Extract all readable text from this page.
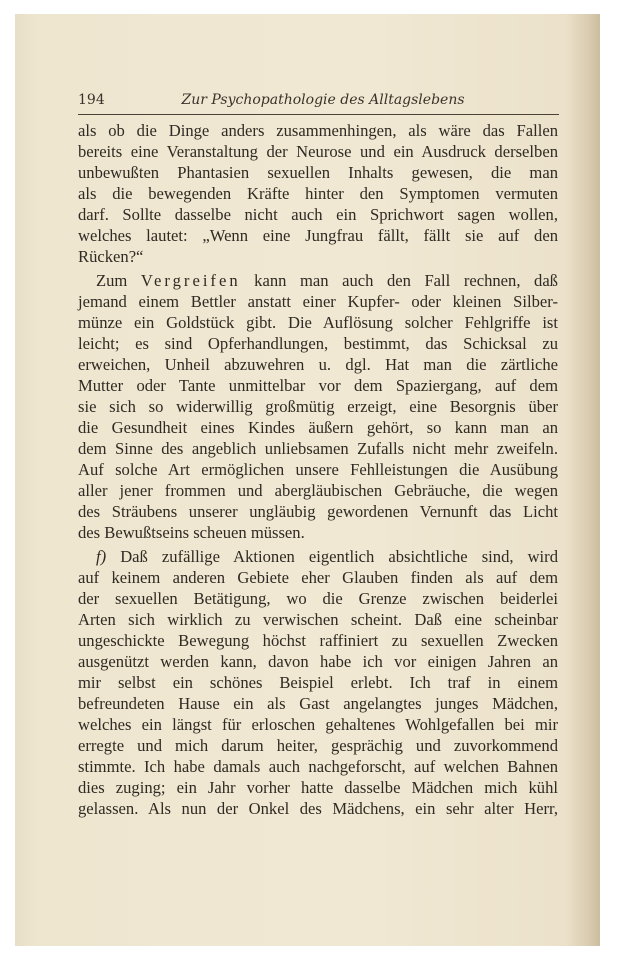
194	Zur Psychopathologie des Alltagslebens
als ob die Dinge anders zusammenhingen, als wäre das Fallen
bereits eine Veranstaltung der Neurose und ein Ausdruck derselben
unbewußten Phantasien sexuellen Inhalts gewesen, die man
als die bewegenden Kräfte hinter den Symptomen vermuten
darf. Sollte dasselbe nicht auch ein Sprichwort sagen wollen,
welches lautet: „Wenn eine Jungfrau fällt, fällt sie auf den
Rücken?“
Zum Vergreifen kann man auch den Fall rechnen, daß
jemand einem Bettler anstatt einer Kupfer- oder kleinen Silber-
münze ein Goldstück gibt. Die Auflösung solcher Fehlgriffe ist
leicht; es sind Opferhandlungen, bestimmt, das Schicksal zu
erweichen, Unheil abzuwehren u. dgl. Hat man die zärtliche
Mutter oder Tante unmittelbar vor dem Spaziergang, auf dem
sie sich so widerwillig großmütig erzeigt, eine Besorgnis über
die Gesundheit eines Kindes äußern gehört, so kann man an
dem Sinne des angeblich unliebsamen Zufalls nicht mehr zweifeln.
Auf solche Art ermöglichen unsere Fehlleistungen die Ausübung
aller jener frommen und abergläubischen Gebräuche, die wegen
des Sträubens unserer ungläubig gewordenen Vernunft das Licht
des Bewußtseins scheuen müssen.
f) Daß zufällige Aktionen eigentlich absichtliche sind, wird
auf keinem anderen Gebiete eher Glauben finden als auf dem
der sexuellen Betätigung, wo die Grenze zwischen beiderlei
Arten sich wirklich zu verwischen scheint. Daß eine scheinbar
ungeschickte Bewegung höchst raffiniert zu sexuellen Zwecken
ausgenützt werden kann, davon habe ich vor einigen Jahren an
mir selbst ein schönes Beispiel erlebt. Ich traf in einem
befreundeten Hause ein als Gast angelangtes junges Mädchen,
welches ein längst für erloschen gehaltenes Wohlgefallen bei mir
erregte und mich darum heiter, gesprächig und zuvorkommend
stimmte. Ich habe damals auch nachgeforscht, auf welchen Bahnen
dies zuging; ein Jahr vorher hatte dasselbe Mädchen mich kühl
gelassen. Als nun der Onkel des Mädchens, ein sehr alter Herr,
